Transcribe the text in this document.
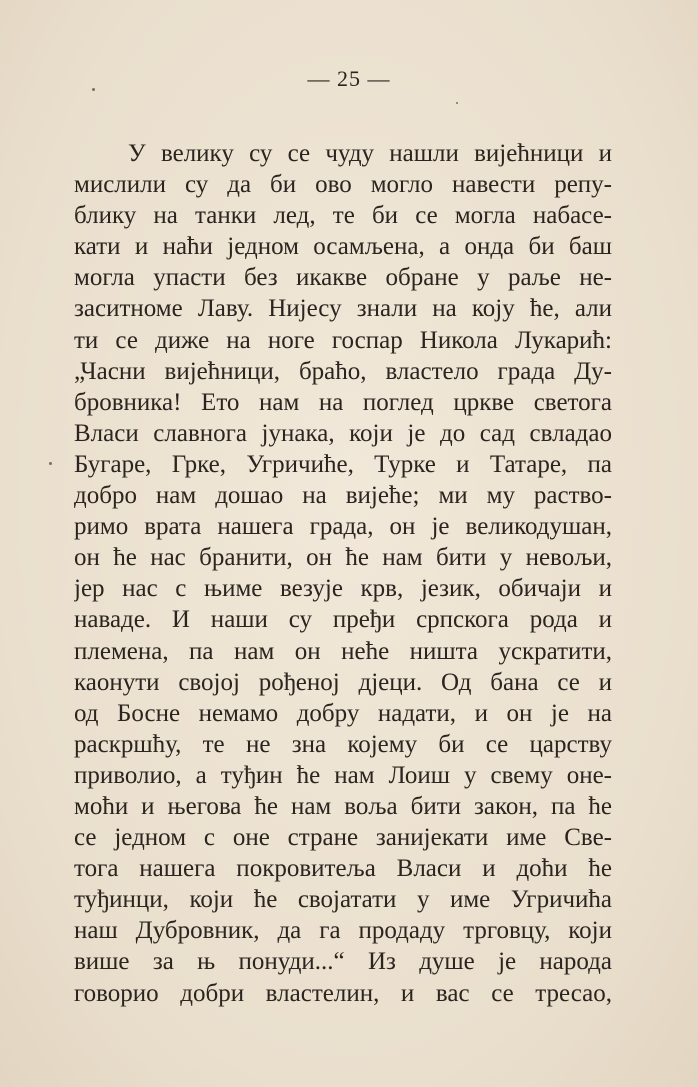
— 25 —
У велику су се чуду нашли вијећници и
мислили су да би ово могло навести репу-
блику на танки лед, те би се могла набасе-
кати и наћи једном осамљена, а онда би баш
могла упасти без икакве обране у раље не-
заситноме Лаву. Нијесу знали на коју ће, али
ти се диже на ноге госпар Никола Лукарић:
„Часни вијећници, браћо, властело града Ду-
бровника! Ето нам на поглед цркве светога
Власи славнога јунака, који је до сад свладао
Бугаре, Грке, Угричиће, Турке и Татаре, па
добро нам дошао на вијеће; ми му раство-
римо врата нашега града, он је великодушан,
он ће нас бранити, он ће нам бити у невољи,
јер нас с њиме везује крв, језик, обичаји и
наваде. И наши су пређи српскога рода и
племена, па нам он неће ништа ускратити,
каонути својој рођеној дјеци. Од бана се и
од Босне немамо добру надати, и он је на
раскршћу, те не зна којему би се царству
приволио, а туђин ће нам Лоиш у свему оне-
моћи и његова ће нам воља бити закон, па ће
се једном с оне стране занијекати име Све-
тога нашега покровитеља Власи и доћи ће
туђинци, који ће својатати у име Угричића
наш Дубровник, да га продаду трговцу, који
више за њ понуди...“ Из душе је народа
говорио добри властелин, и вас се тресао,
